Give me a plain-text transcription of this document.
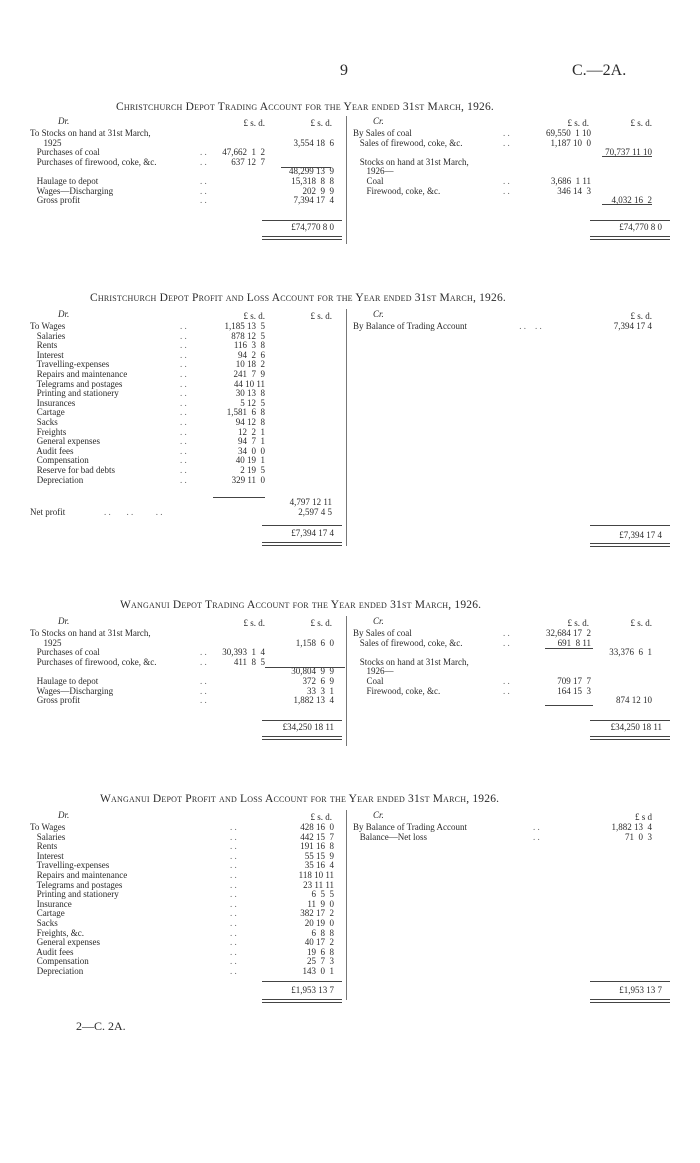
9	C.—2A.
Christchurch Depot Trading Account for the Year ended 31st March, 1926.
Dr.	£ s. d.	£ s. d.	Cr.	£ s. d.	£ s. d.
To Stocks on hand at 31st March,
1925	3,554 18  6
Purchases of coal	. .	47,662  1  2
Purchases of firewood, coke, &c.	. .	637 12  7
48,299 13  9
Haulage to depot	. .	15,318  8  8
Wages—Discharging	. .	202  9  9
Gross profit	. .	7,394 17  4
By Sales of coal	. .	69,550  1 10
Sales of firewood, coke, &c.	. .	1,187 10  0
70,737 11 10
Stocks on hand at 31st March,
1926—
Coal	. .	3,686  1 11
Firewood, coke, &c.	. .	346 14  3
4,032 16  2
£74,770 8 0	£74,770 8 0
Christchurch Depot Profit and Loss Account for the Year ended 31st March, 1926.
Dr.	£ s. d.	£ s. d.	Cr.	£ s. d.
To Wages	. .	1,185 13  5
Salaries	. .	878 12  5
Rents	. .	116  3  8
Interest	. .	94  2  6
Travelling-expenses	. .	10 18  2
Repairs and maintenance	. .	241  7  9
Telegrams and postages	. .	44 10 11
Printing and stationery	. .	30 13  8
Insurances	. .	5 12  5
Cartage	. .	1,581  6  8
Sacks	. .	94 12  8
Freights	. .	12  2  1
General expenses	. .	94  7  1
Audit fees	. .	34  0  0
Compensation	. .	40 19  1
Reserve for bad debts	. .	2 19  5
Depreciation	. .	329 11  0
By Balance of Trading Account	. .    . .	7,394 17 4
4,797 12 11
Net profit	. .       . .          . .	2,597 4 5
£7,394 17 4	£7,394 17 4
Wanganui Depot Trading Account for the Year ended 31st March, 1926.
Dr.	£ s. d.	£ s. d.	Cr.	£ s. d.	£ s. d.
To Stocks on hand at 31st March,
1925	1,158  6  0
Purchases of coal	. .	30,393  1  4
Purchases of firewood, coke, &c.	. .	411  8  5
30,804  9  9
Haulage to depot	. .	372  6  9
Wages—Discharging	. .	33  3  1
Gross profit	. .	1,882 13  4
By Sales of coal	. .	32,684 17  2
Sales of firewood, coke, &c.	. .	691  8 11
33,376  6  1
Stocks on hand at 31st March,
1926—
Coal	. .	709 17  7
Firewood, coke, &c.	. .	164 15  3
874 12 10
£34,250 18 11	£34,250 18 11
Wanganui Depot Profit and Loss Account for the Year ended 31st March, 1926.
Dr.	£ s. d.	Cr.	£ s d
To Wages	. .	428 16  0
Salaries	. .	442 15  7
Rents	. .	191 16  8
Interest	. .	55 15  9
Travelling-expenses	. .	35 16  4
Repairs and maintenance	. .	118 10 11
Telegrams and postages	. .	23 11 11
Printing and stationery	. .	6  5  5
Insurance	. .	11  9  0
Cartage	. .	382 17  2
Sacks	. .	20 19  0
Freights, &c.	. .	6  8  8
General expenses	. .	40 17  2
Audit fees	. .	19  6  8
Compensation	. .	25  7  3
Depreciation	. .	143  0  1
By Balance of Trading Account	. .	1,882 13  4
Balance—Net loss	. .	71  0  3
£1,953 13 7	£1,953 13 7
2—C. 2A.
